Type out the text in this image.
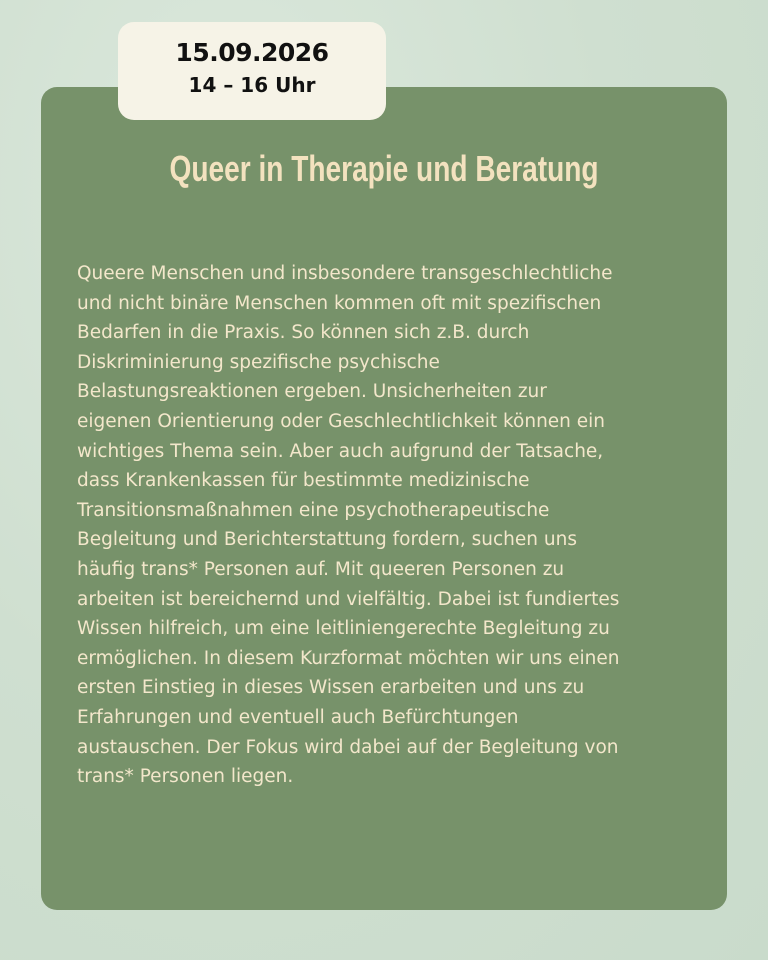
15.09.2026
14 – 16 Uhr
Queer in Therapie und Beratung
Queere Menschen und insbesondere transgeschlechtliche
und nicht binäre Menschen kommen oft mit spezifischen
Bedarfen in die Praxis. So können sich z.B. durch
Diskriminierung spezifische psychische
Belastungsreaktionen ergeben. Unsicherheiten zur
eigenen Orientierung oder Geschlechtlichkeit können ein
wichtiges Thema sein. Aber auch aufgrund der Tatsache,
dass Krankenkassen für bestimmte medizinische
Transitionsmaßnahmen eine psychotherapeutische
Begleitung und Berichterstattung fordern, suchen uns
häufig trans* Personen auf. Mit queeren Personen zu
arbeiten ist bereichernd und vielfältig. Dabei ist fundiertes
Wissen hilfreich, um eine leitliniengerechte Begleitung zu
ermöglichen. In diesem Kurzformat möchten wir uns einen
ersten Einstieg in dieses Wissen erarbeiten und uns zu
Erfahrungen und eventuell auch Befürchtungen
austauschen. Der Fokus wird dabei auf der Begleitung von
trans* Personen liegen.
